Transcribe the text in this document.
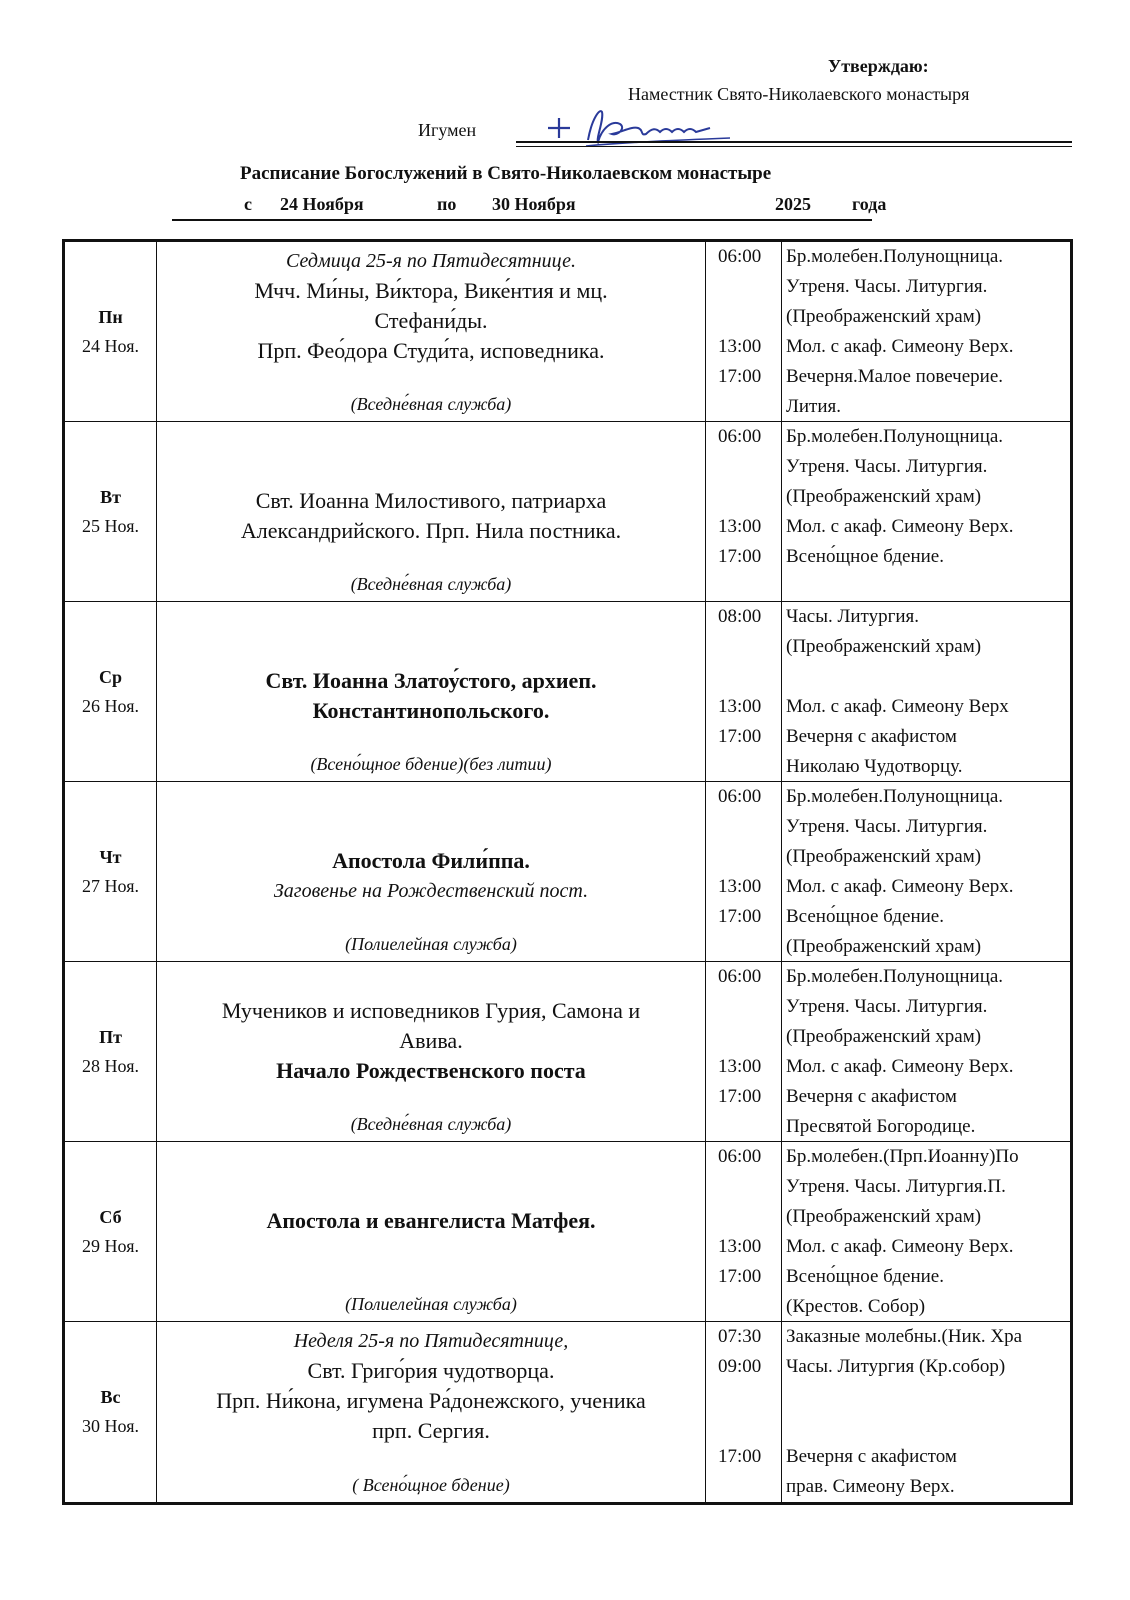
Утверждаю:
Наместник Свято-Николаевского монастыря
Игумен
Расписание Богослужений в Свято-Николаевском монастыре
с 24 Ноября	по 30 Ноября	2025 года
Пн
24 Ноя.
Седмица 25-я по Пятидесятнице.
Мчч. Ми́ны, Ви́ктора, Вике́нтия и мц.
Стефани́ды.
Прп. Фео́дора Студи́та, исповедника.
(Вседне́вная служба)
06:00
13:00
17:00
Бр.молебен.Полунощница.
Утреня. Часы. Литургия.
(Преображенский храм)
Мол. с акаф. Симеону Верх.
Вечерня.Малое повечерие.
Лития.
Вт
25 Ноя.
Свт. Иоанна Милостивого, патриарха
Александрийского. Прп. Нила постника.
(Вседне́вная служба)
06:00
13:00
17:00
Бр.молебен.Полунощница.
Утреня. Часы. Литургия.
(Преображенский храм)
Мол. с акаф. Симеону Верх.
Всено́щное бдение.
Ср
26 Ноя.
Свт. Иоанна Златоу́стого, архиеп.
Константинопольского.
(Всено́щное бдение)(без литии)
08:00
13:00
17:00
Часы. Литургия.
(Преображенский храм)
Мол. с акаф. Симеону Верх
Вечерня с акафистом
Николаю Чудотворцу.
Чт
27 Ноя.
Апостола Фили́ппа.
Заговенье на Рождественский пост.
(Полиелейная служба)
06:00
13:00
17:00
Бр.молебен.Полунощница.
Утреня. Часы. Литургия.
(Преображенский храм)
Мол. с акаф. Симеону Верх.
Всено́щное бдение.
(Преображенский храм)
Пт
28 Ноя.
Мучеников и исповедников Гурия, Самона и
Авива.
Начало Рождественского поста
(Вседне́вная служба)
06:00
13:00
17:00
Бр.молебен.Полунощница.
Утреня. Часы. Литургия.
(Преображенский храм)
Мол. с акаф. Симеону Верх.
Вечерня с акафистом
Пресвятой Богородице.
Сб
29 Ноя.
Апостола и евангелиста Матфея.
(Полиелейная служба)
06:00
13:00
17:00
Бр.молебен.(Прп.Иоанну)По
Утреня. Часы. Литургия.П.
(Преображенский храм)
Мол. с акаф. Симеону Верх.
Всено́щное бдение.
(Крестов. Собор)
Вс
30 Ноя.
Неделя 25-я по Пятидесятнице,
Свт. Григо́рия чудотворца.
Прп. Ни́кона, игумена Ра́донежского, ученика
прп. Сергия.
( Всено́щное бдение)
07:30
09:00
17:00
Заказные молебны.(Ник. Хра
Часы. Литургия (Кр.собор)
Вечерня с акафистом
прав. Симеону Верх.
